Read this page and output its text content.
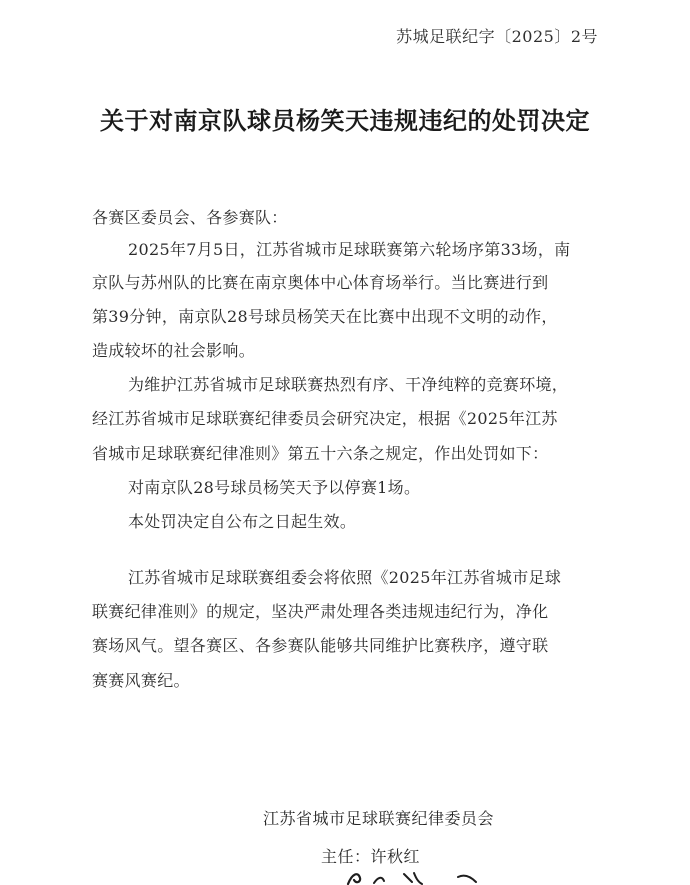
苏城足联纪字〔2025〕2号
关于对南京队球员杨笑天违规违纪的处罚决定
各赛区委员会、各参赛队：
2025年7月5日，江苏省城市足球联赛第六轮场序第33场，南
京队与苏州队的比赛在南京奥体中心体育场举行。当比赛进行到
第39分钟，南京队28号球员杨笑天在比赛中出现不文明的动作，
造成较坏的社会影响。
为维护江苏省城市足球联赛热烈有序、干净纯粹的竞赛环境，
经江苏省城市足球联赛纪律委员会研究决定，根据《2025年江苏
省城市足球联赛纪律准则》第五十六条之规定，作出处罚如下：
对南京队28号球员杨笑天予以停赛1场。
本处罚决定自公布之日起生效。
江苏省城市足球联赛组委会将依照《2025年江苏省城市足球
联赛纪律准则》的规定，坚决严肃处理各类违规违纪行为，净化
赛场风气。望各赛区、各参赛队能够共同维护比赛秩序，遵守联
赛赛风赛纪。
江苏省城市足球联赛纪律委员会
主任：许秋红
